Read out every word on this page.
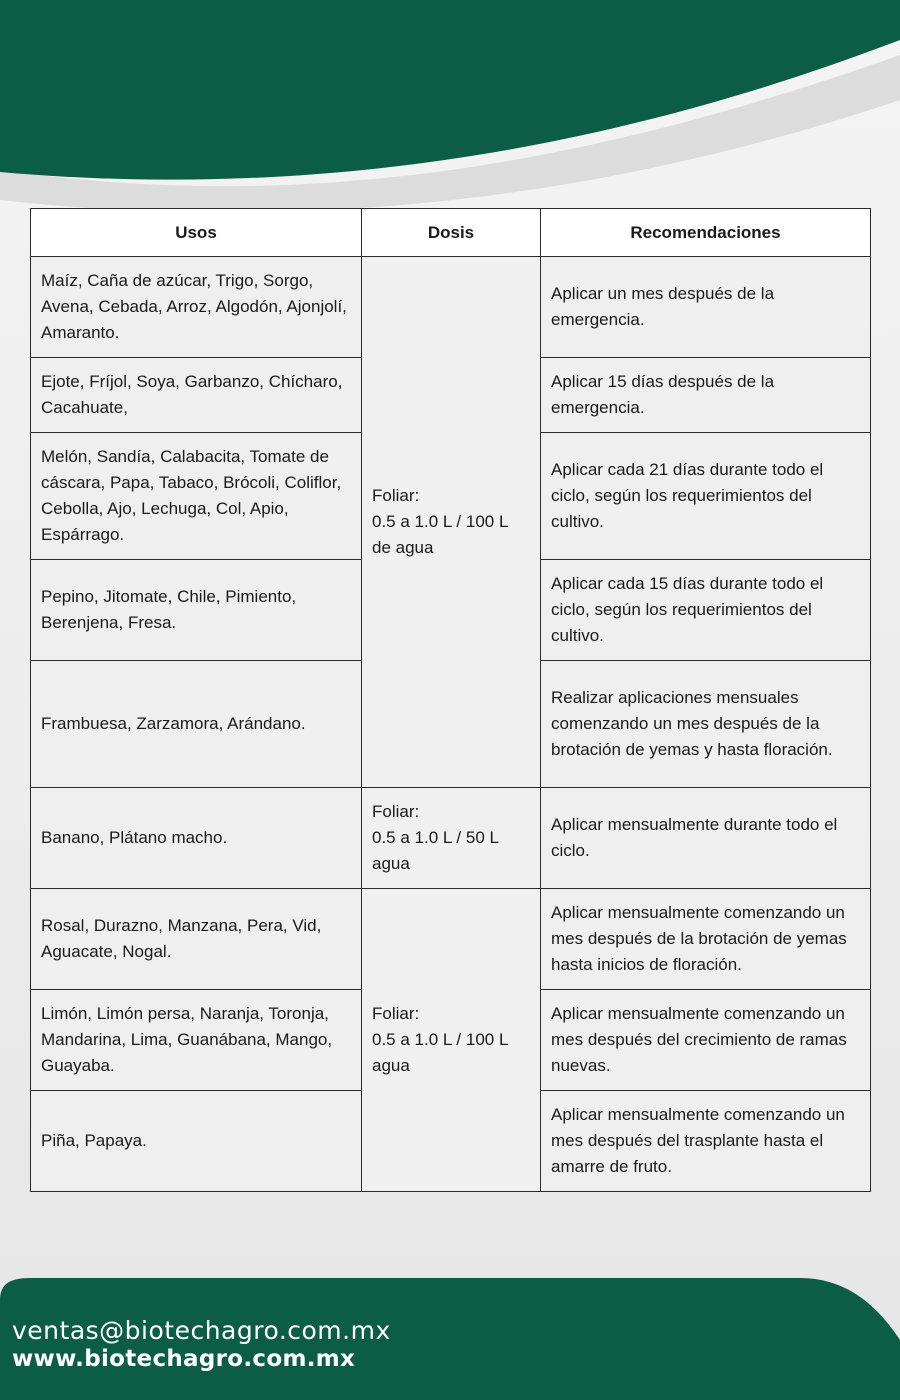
Usos	Dosis	Recomendaciones
Maíz, Caña de azúcar, Trigo, Sorgo, Avena, Cebada, Arroz, Algodón, Ajonjolí, Amaranto.	Foliar:
0.5 a 1.0 L / 100 L
de agua	Aplicar un mes después de la emergencia.
Ejote, Fríjol, Soya, Garbanzo, Chícharo, Cacahuate,		Aplicar 15 días después de la emergencia.
Melón, Sandía, Calabacita, Tomate de cáscara, Papa, Tabaco, Brócoli, Coliflor, Cebolla, Ajo, Lechuga, Col, Apio, Espárrago.		Aplicar cada 21 días durante todo el ciclo, según los requerimientos del cultivo.
Pepino, Jitomate, Chile, Pimiento, Berenjena, Fresa.		Aplicar cada 15 días durante todo el ciclo, según los requerimientos del cultivo.
Frambuesa, Zarzamora, Arándano.		Realizar aplicaciones mensuales comenzando un mes después de la brotación de yemas y hasta floración.
Banano, Plátano macho.	Foliar:
0.5 a 1.0 L / 50 L
agua	Aplicar mensualmente durante todo el ciclo.
Rosal, Durazno, Manzana, Pera, Vid, Aguacate, Nogal.	Foliar:
0.5 a 1.0 L / 100 L
agua	Aplicar mensualmente comenzando un mes después de la brotación de yemas hasta inicios de floración.
Limón, Limón persa, Naranja, Toronja, Mandarina, Lima, Guanábana, Mango, Guayaba.		Aplicar mensualmente comenzando un mes después del crecimiento de ramas nuevas.
Piña, Papaya.		Aplicar mensualmente comenzando un mes después del trasplante hasta el amarre de fruto.
ventas@biotechagro.com.mx
www.biotechagro.com.mx
